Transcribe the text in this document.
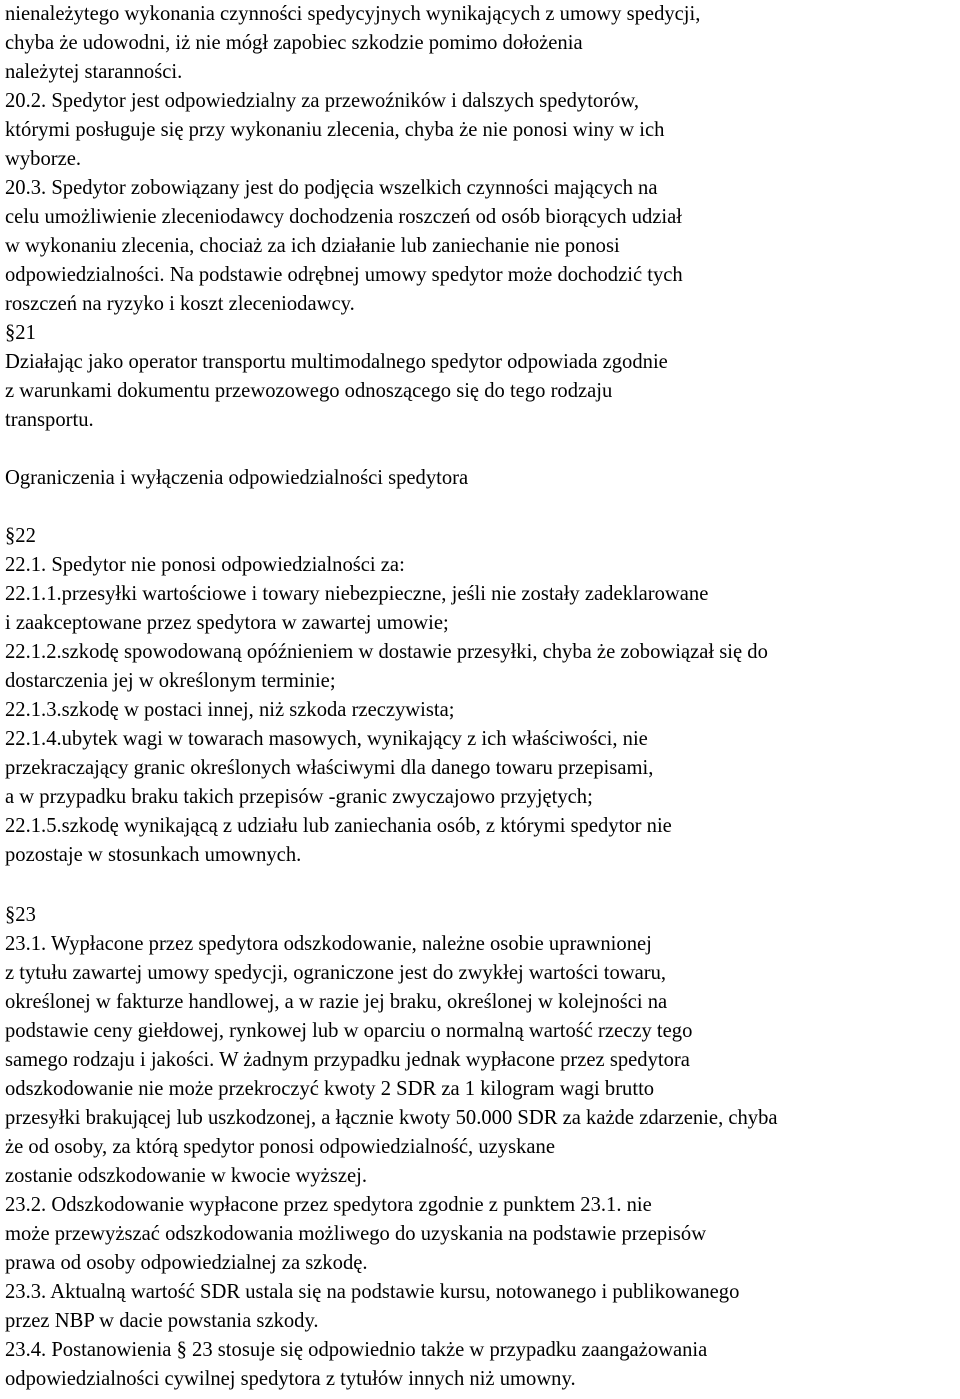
nienależytego wykonania czynności spedycyjnych wynikających z umowy spedycji,
chyba że udowodni, iż nie mógł zapobiec szkodzie pomimo dołożenia
należytej staranności.
20.2. Spedytor jest odpowiedzialny za przewoźników i dalszych spedytorów,
którymi posługuje się przy wykonaniu zlecenia, chyba że nie ponosi winy w ich
wyborze.
20.3. Spedytor zobowiązany jest do podjęcia wszelkich czynności mających na
celu umożliwienie zleceniodawcy dochodzenia roszczeń od osób biorących udział
w wykonaniu zlecenia, chociaż za ich działanie lub zaniechanie nie ponosi
odpowiedzialności. Na podstawie odrębnej umowy spedytor może dochodzić tych
roszczeń na ryzyko i koszt zleceniodawcy.
§21
Działając jako operator transportu multimodalnego spedytor odpowiada zgodnie
z warunkami dokumentu przewozowego odnoszącego się do tego rodzaju
transportu.
Ograniczenia i wyłączenia odpowiedzialności spedytora
§22
22.1. Spedytor nie ponosi odpowiedzialności za:
22.1.1.przesyłki wartościowe i towary niebezpieczne, jeśli nie zostały zadeklarowane
i zaakceptowane przez spedytora w zawartej umowie;
22.1.2.szkodę spowodowaną opóźnieniem w dostawie przesyłki, chyba że zobowiązał się do
dostarczenia jej w określonym terminie;
22.1.3.szkodę w postaci innej, niż szkoda rzeczywista;
22.1.4.ubytek wagi w towarach masowych, wynikający z ich właściwości, nie
przekraczający granic określonych właściwymi dla danego towaru przepisami,
a w przypadku braku takich przepisów -granic zwyczajowo przyjętych;
22.1.5.szkodę wynikającą z udziału lub zaniechania osób, z którymi spedytor nie
pozostaje w stosunkach umownych.
§23
23.1. Wypłacone przez spedytora odszkodowanie, należne osobie uprawnionej
z tytułu zawartej umowy spedycji, ograniczone jest do zwykłej wartości towaru,
określonej w fakturze handlowej, a w razie jej braku, określonej w kolejności na
podstawie ceny giełdowej, rynkowej lub w oparciu o normalną wartość rzeczy tego
samego rodzaju i jakości. W żadnym przypadku jednak wypłacone przez spedytora
odszkodowanie nie może przekroczyć kwoty 2 SDR za 1 kilogram wagi brutto
przesyłki brakującej lub uszkodzonej, a łącznie kwoty 50.000 SDR za każde zdarzenie, chyba
że od osoby, za którą spedytor ponosi odpowiedzialność, uzyskane
zostanie odszkodowanie w kwocie wyższej.
23.2. Odszkodowanie wypłacone przez spedytora zgodnie z punktem 23.1. nie
może przewyższać odszkodowania możliwego do uzyskania na podstawie przepisów
prawa od osoby odpowiedzialnej za szkodę.
23.3. Aktualną wartość SDR ustala się na podstawie kursu, notowanego i publikowanego
przez NBP w dacie powstania szkody.
23.4. Postanowienia § 23 stosuje się odpowiednio także w przypadku zaangażowania
odpowiedzialności cywilnej spedytora z tytułów innych niż umowny.
